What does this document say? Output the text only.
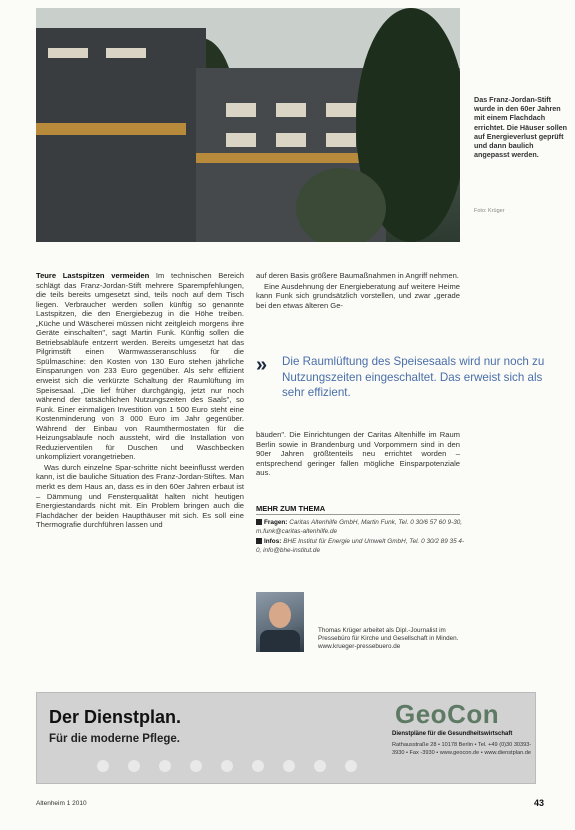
Das Franz-Jordan-Stift wurde in den 60er Jahren mit einem Flachdach errichtet. Die Häuser sollen auf Energieverlust geprüft und dann baulich angepasst werden.
Foto: Krüger

Teure Lastspitzen vermeiden Im technischen Bereich schlägt das Franz-Jordan-Stift mehrere Sparempfehlungen, die teils bereits umgesetzt sind, teils noch auf dem Tisch liegen. Verbraucher werden sollen künftig so genannte Lastspitzen, die den Energiebezug in die Höhe treiben. „Küche und Wäscherei müssen nicht zeitgleich morgens ihre Geräte einschalten", sagt Martin Funk. Künftig sollen die Betriebsabläufe entzerrt werden. Bereits umgesetzt hat das Pilgrimstift einen Warmwasseranschluss für die Spülmaschine: den Kosten von 130 Euro stehen jährliche Einsparungen von 233 Euro gegenüber. Als sehr effizient erweist sich die verkürzte Schaltung der Raumlüftung im Speisesaal. „Die lief früher durchgängig, jetzt nur noch während der tatsächlichen Nutzungszeiten des Saals", so Funk. Einer einmaligen Investition von 1 500 Euro steht eine Kostenminderung von 3 000 Euro im Jahr gegenüber. Während der Einbau von Raumthermostaten für die Heizungsablaufe noch aussteht, wird die Installation von Reduzierventilen für Duschen und Waschbecken unkompliziert vorangetrieben.

Was durch einzelne Spar-schritte nicht beeinflusst werden kann, ist die bauliche Situation des Franz-Jordan-Stiftes. Man merkt es dem Haus an, dass es in den 60er Jahren erbaut ist – Dämmung und Fensterqualität halten nicht heutigen Energiestandards nicht mit. Ein Problem bringen auch die Flachdächer der beiden Haupthäuser mit sich. Es soll eine Thermografie durchführen lassen und

auf deren Basis größere Baumaßnahmen in Angriff nehmen.

Eine Ausdehnung der Energieberatung auf weitere Heime kann Funk sich grundsätzlich vorstellen, und zwar „gerade bei den etwas älteren Ge-

» Die Raumlüftung des Speisesaals wird nur noch zu Nutzungszeiten eingeschaltet. Das erweist sich als sehr effizient.

bäuden". Die Einrichtungen der Caritas Altenhilfe im Raum Berlin sowie in Brandenburg und Vorpommern sind in den 90er Jahren größtenteils neu errichtet worden – entsprechend geringer fallen mögliche Einsparpotenziale aus.

MEHR ZUM THEMA
Fragen: Caritas Altenhilfe GmbH, Martin Funk, Tel. 0 30/6 57 60 9-30, m.funk@caritas-altenhilfe.de
Infos: BHE Institut für Energie und Umwelt GmbH, Tel. 0 30/2 89 35 4-0, info@bhe-institut.de
Thomas Krüger arbeitet als Dipl.-Journalist im Pressebüro für Kirche und Gesellschaft in Minden. www.krueger-pressebuero.de
Der Dienstplan.
Für die moderne Pflege.
GeoCon
Dienstpläne für die Gesundheitswirtschaft
Rathausstraße 28 • 10178 Berlin • Tel. +49 (0)30 30393-3930 • Fax -3930 • www.geocon.de • www.dienstplan.de
Altenheim 1 2010	43
